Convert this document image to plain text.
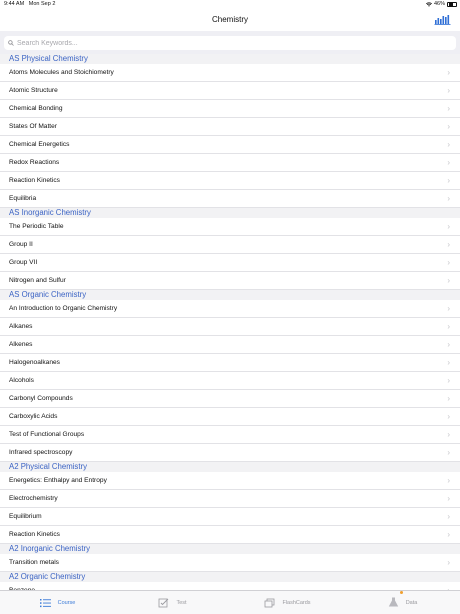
9:44 AM Mon Sep 2	46%
Chemistry
Search Keywords...
AS Physical Chemistry
Atoms Molecules and Stoichiometry	›
Atomic Structure	›
Chemical Bonding	›
States Of Matter	›
Chemical Energetics	›
Redox Reactions	›
Reaction Kinetics	›
Equilibria	›
AS Inorganic Chemistry
The Periodic Table	›
Group II	›
Group VII	›
Nitrogen and Sulfur	›
AS Organic Chemistry
An Introduction to Organic Chemistry	›
Alkanes	›
Alkenes	›
Halogenoalkanes	›
Alcohols	›
Carbonyl Compounds	›
Carboxylic Acids	›
Test of Functional Groups	›
Infrared spectroscopy	›
A2 Physical Chemistry
Energetics: Enthalpy and Entropy	›
Electrochemistry	›
Equilibrium	›
Reaction Kinetics	›
A2 Inorganic Chemistry
Transition metals	›
A2 Organic Chemistry
Course	Test	FlashCards	Data
